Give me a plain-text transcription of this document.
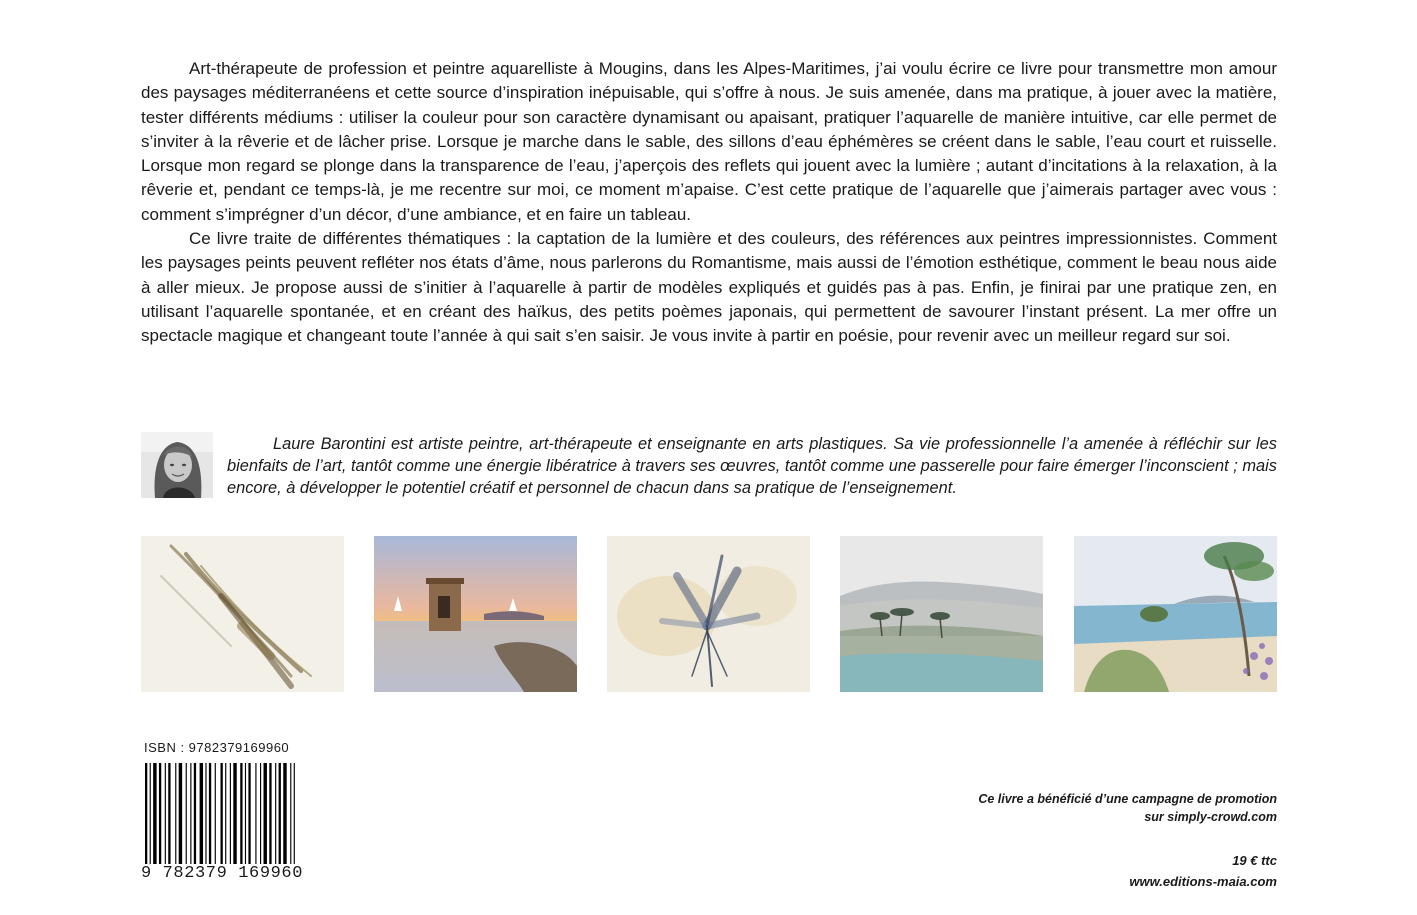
Art-thérapeute de profession et peintre aquarelliste à Mougins, dans les Alpes-Maritimes, j’ai voulu écrire ce livre pour transmettre mon amour des paysages méditerranéens et cette source d’inspiration inépuisable, qui s’offre à nous. Je suis amenée, dans ma pratique, à jouer avec la matière, tester différents médiums : utiliser la couleur pour son caractère dynamisant ou apaisant, pratiquer l’aquarelle de manière intuitive, car elle permet de s’inviter à la rêverie et de lâcher prise. Lorsque je marche dans le sable, des sillons d’eau éphémères se créent dans le sable, l’eau court et ruisselle. Lorsque mon regard se plonge dans la transparence de l’eau, j’aperçois des reflets qui jouent avec la lumière ; autant d’incitations à la relaxation, à la rêverie et, pendant ce temps-là, je me recentre sur moi, ce moment m’apaise. C’est cette pratique de l’aquarelle que j’aimerais partager avec vous : comment s’imprégner d’un décor, d’une ambiance, et en faire un tableau.

Ce livre traite de différentes thématiques : la captation de la lumière et des couleurs, des références aux peintres impressionnistes. Comment les paysages peints peuvent refléter nos états d’âme, nous parlerons du Romantisme, mais aussi de l’émotion esthétique, comment le beau nous aide à aller mieux. Je propose aussi de s’initier à l’aquarelle à partir de modèles expliqués et guidés pas à pas. Enfin, je finirai par une pratique zen, en utilisant l’aquarelle spontanée, et en créant des haïkus, des petits poèmes japonais, qui permettent de savourer l’instant présent. La mer offre un spectacle magique et changeant toute l’année à qui sait s’en saisir. Je vous invite à partir en poésie, pour revenir avec un meilleur regard sur soi.

Laure Barontini est artiste peintre, art-thérapeute et enseignante en arts plastiques. Sa vie professionnelle l’a amenée à réfléchir sur les bienfaits de l’art, tantôt comme une énergie libératrice à travers ses œuvres, tantôt comme une passerelle pour faire émerger l’inconscient ; mais encore, à développer le potentiel créatif et personnel de chacun dans sa pratique de l’enseignement.
ISBN : 9782379169960
9 782379 169960
Ce livre a bénéficié d’une campagne de promotion
sur simply-crowd.com
19 € ttc
www.editions-maia.com
